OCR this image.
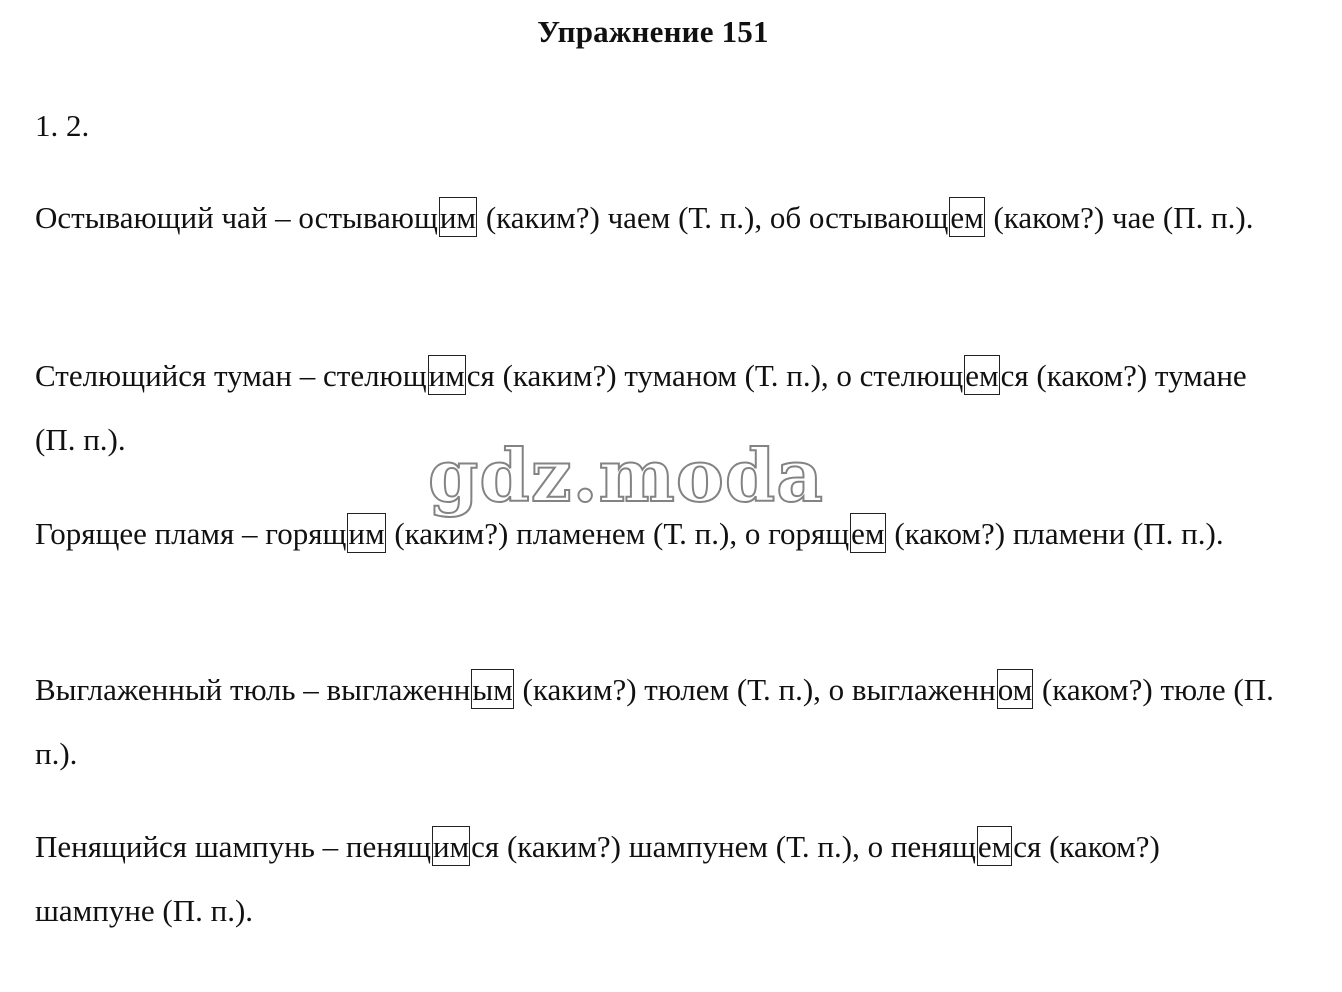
Упражнение 151
1. 2.
Остывающий чай – остывающим (каким?) чаем (Т. п.), об остывающем (каком?) чае (П. п.).
Стелющийся туман – стелющимся (каким?) туманом (Т. п.), о стелющемся (каком?) тумане (П. п.).
Горящее пламя – горящим (каким?) пламенем (Т. п.), о горящем (каком?) пламени (П. п.).
Выглаженный тюль – выглаженным (каким?) тюлем (Т. п.), о выглаженном (каком?) тюле (П. п.).
Пенящийся шампунь – пенящимся (каким?) шампунем (Т. п.), о пенящемся (каком?) шампуне (П. п.).
gdz.moda
